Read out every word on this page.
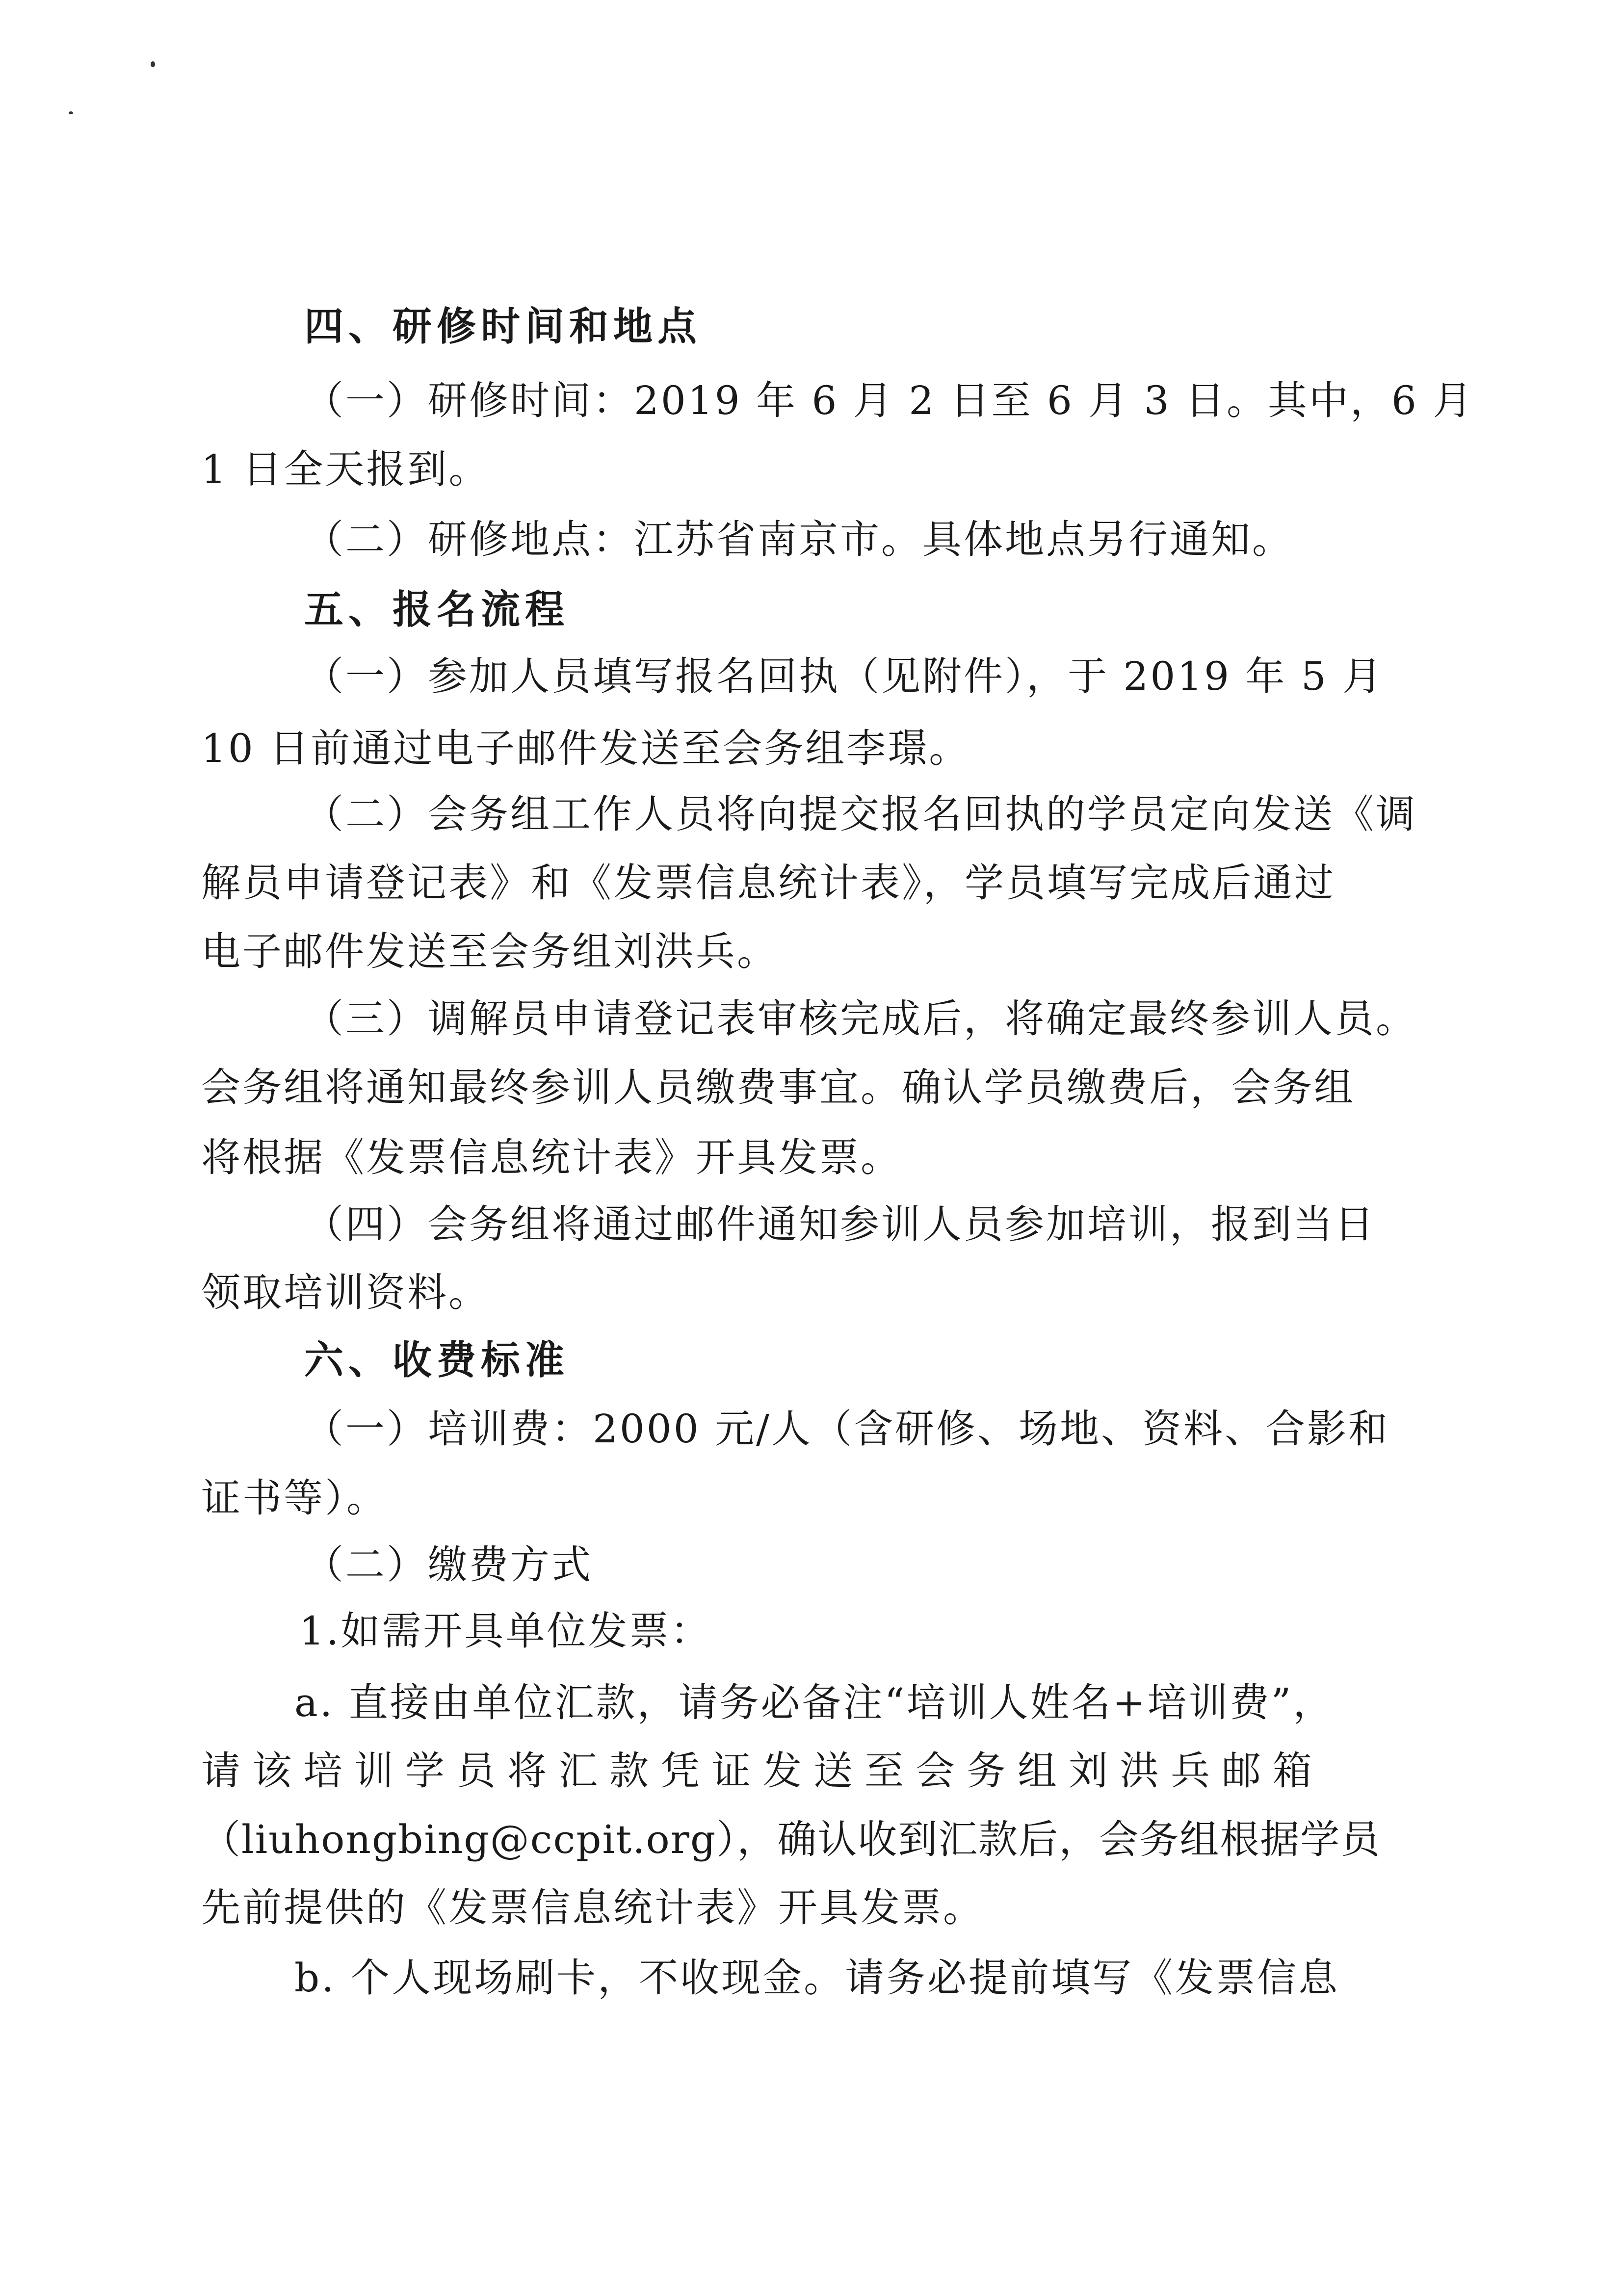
四、研修时间和地点
（一）研修时间：2019 年 6 月 2 日至 6 月 3 日。其中，6 月
1 日全天报到。
（二）研修地点：江苏省南京市。具体地点另行通知。
五、报名流程
（一）参加人员填写报名回执（见附件），于 2019 年 5 月
10 日前通过电子邮件发送至会务组李璟。
（二）会务组工作人员将向提交报名回执的学员定向发送《调
解员申请登记表》和《发票信息统计表》，学员填写完成后通过
电子邮件发送至会务组刘洪兵。
（三）调解员申请登记表审核完成后，将确定最终参训人员。
会务组将通知最终参训人员缴费事宜。确认学员缴费后，会务组
将根据《发票信息统计表》开具发票。
（四）会务组将通过邮件通知参训人员参加培训，报到当日
领取培训资料。
六、收费标准
（一）培训费：2000 元/人（含研修、场地、资料、合影和
证书等）。
（二）缴费方式
1.如需开具单位发票：
a. 直接由单位汇款，请务必备注“培训人姓名+培训费”，
请该培训学员将汇款凭证发送至会务组刘洪兵邮箱
（liuhongbing@ccpit.org），确认收到汇款后，会务组根据学员
先前提供的《发票信息统计表》开具发票。
b. 个人现场刷卡，不收现金。请务必提前填写《发票信息
